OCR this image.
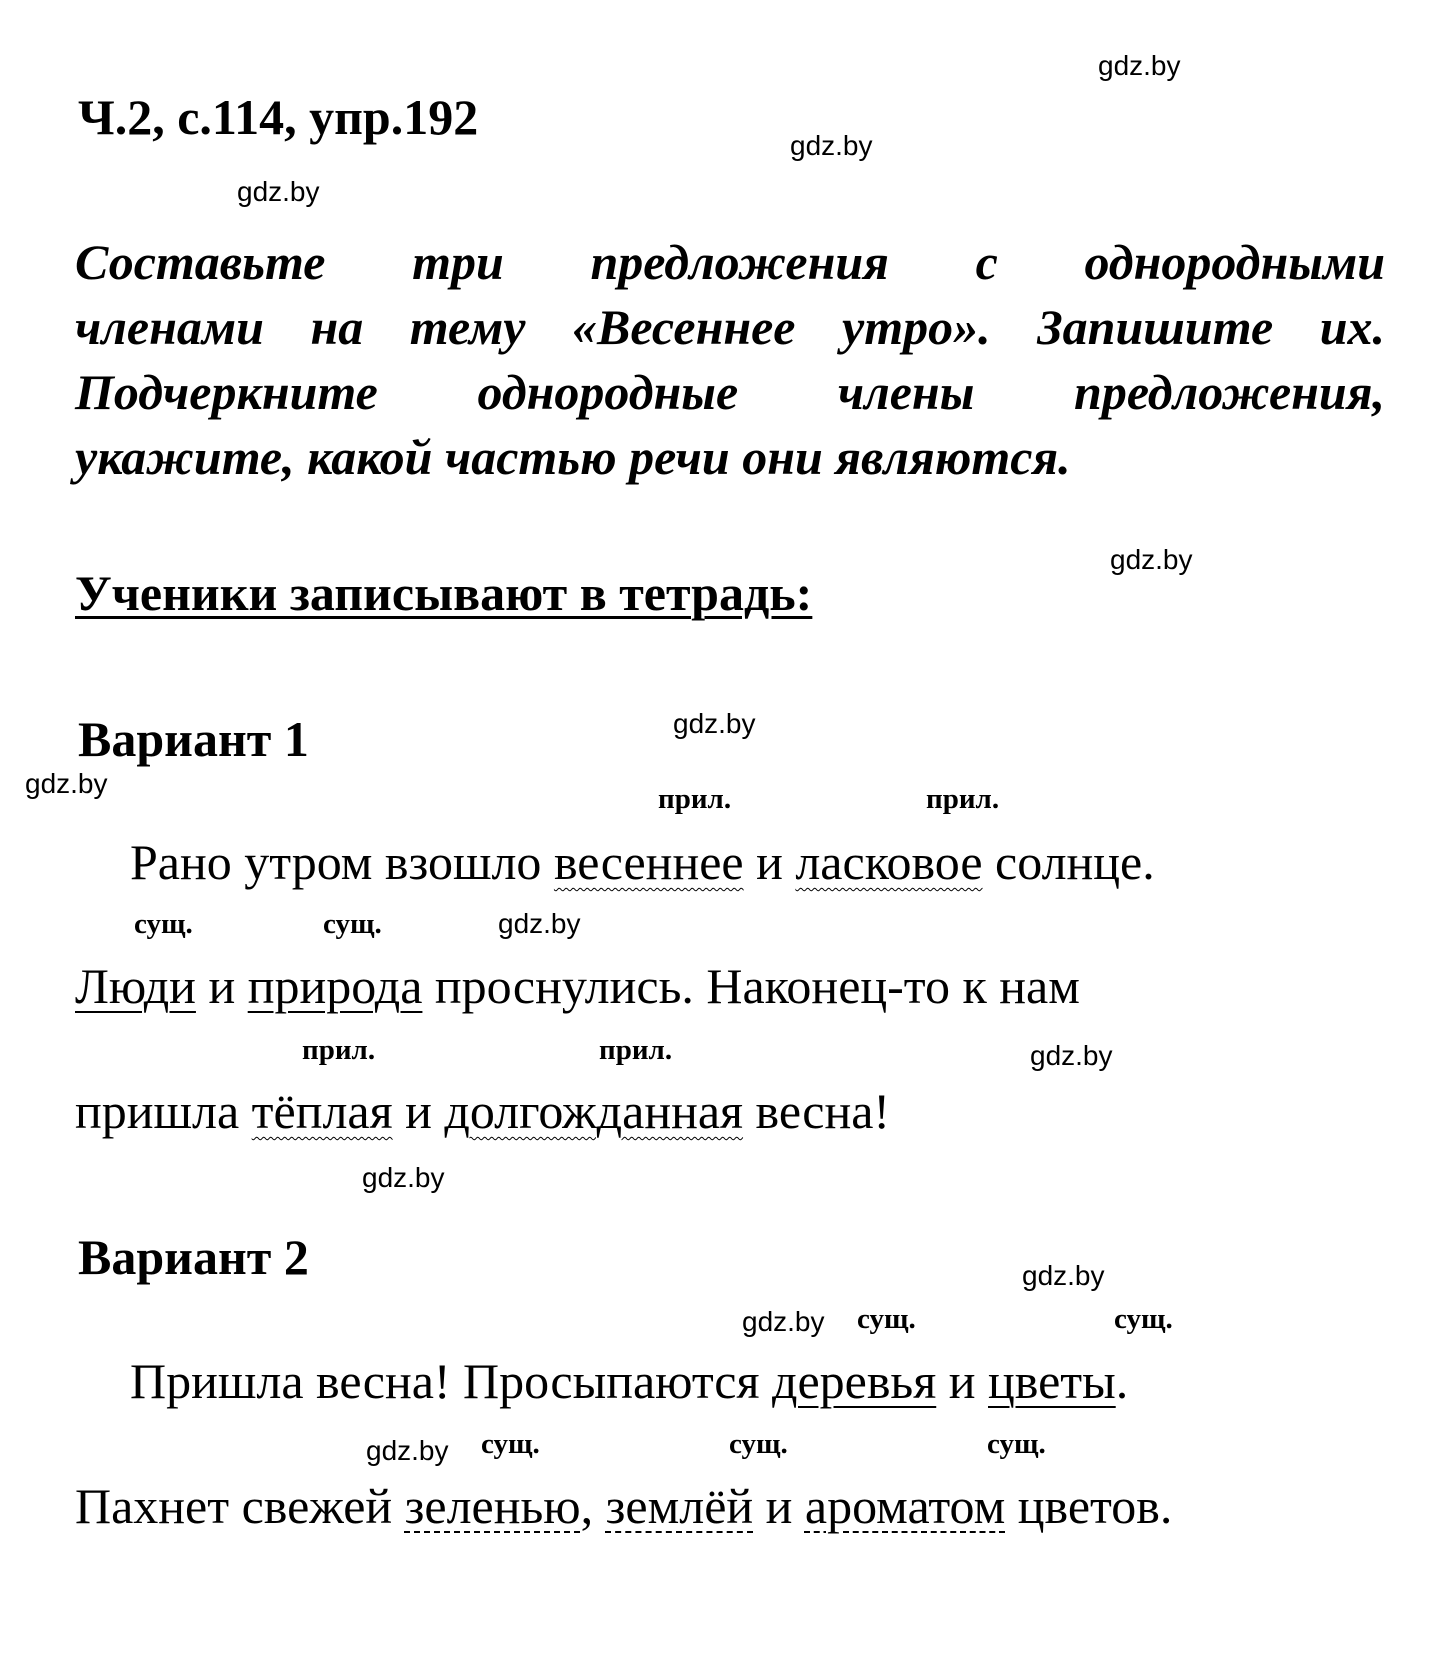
Ч.2, с.114, упр.192
gdz.by
gdz.by
gdz.by
gdz.by
gdz.by
gdz.by
gdz.by
gdz.by
gdz.by
gdz.by
gdz.by
gdz.by
Составьте три предложения с однородными
членами на тему «Весеннее утро». Запишите их.
Подчеркните однородные члены предложения,
укажите, какой частью речи они являются.
Ученики записывают в тетрадь:
Вариант 1
прил.	прил.
Рано утром взошло весеннее и ласковое солнце.
сущ.	сущ.
Люди и природа проснулись. Наконец-то к нам
прил.	прил.
пришла тёплая и долгожданная весна!
Вариант 2
сущ.	сущ.
Пришла весна! Просыпаются деревья и цветы.
сущ.	сущ.	сущ.
Пахнет свежей зеленью, землёй и ароматом цветов.
